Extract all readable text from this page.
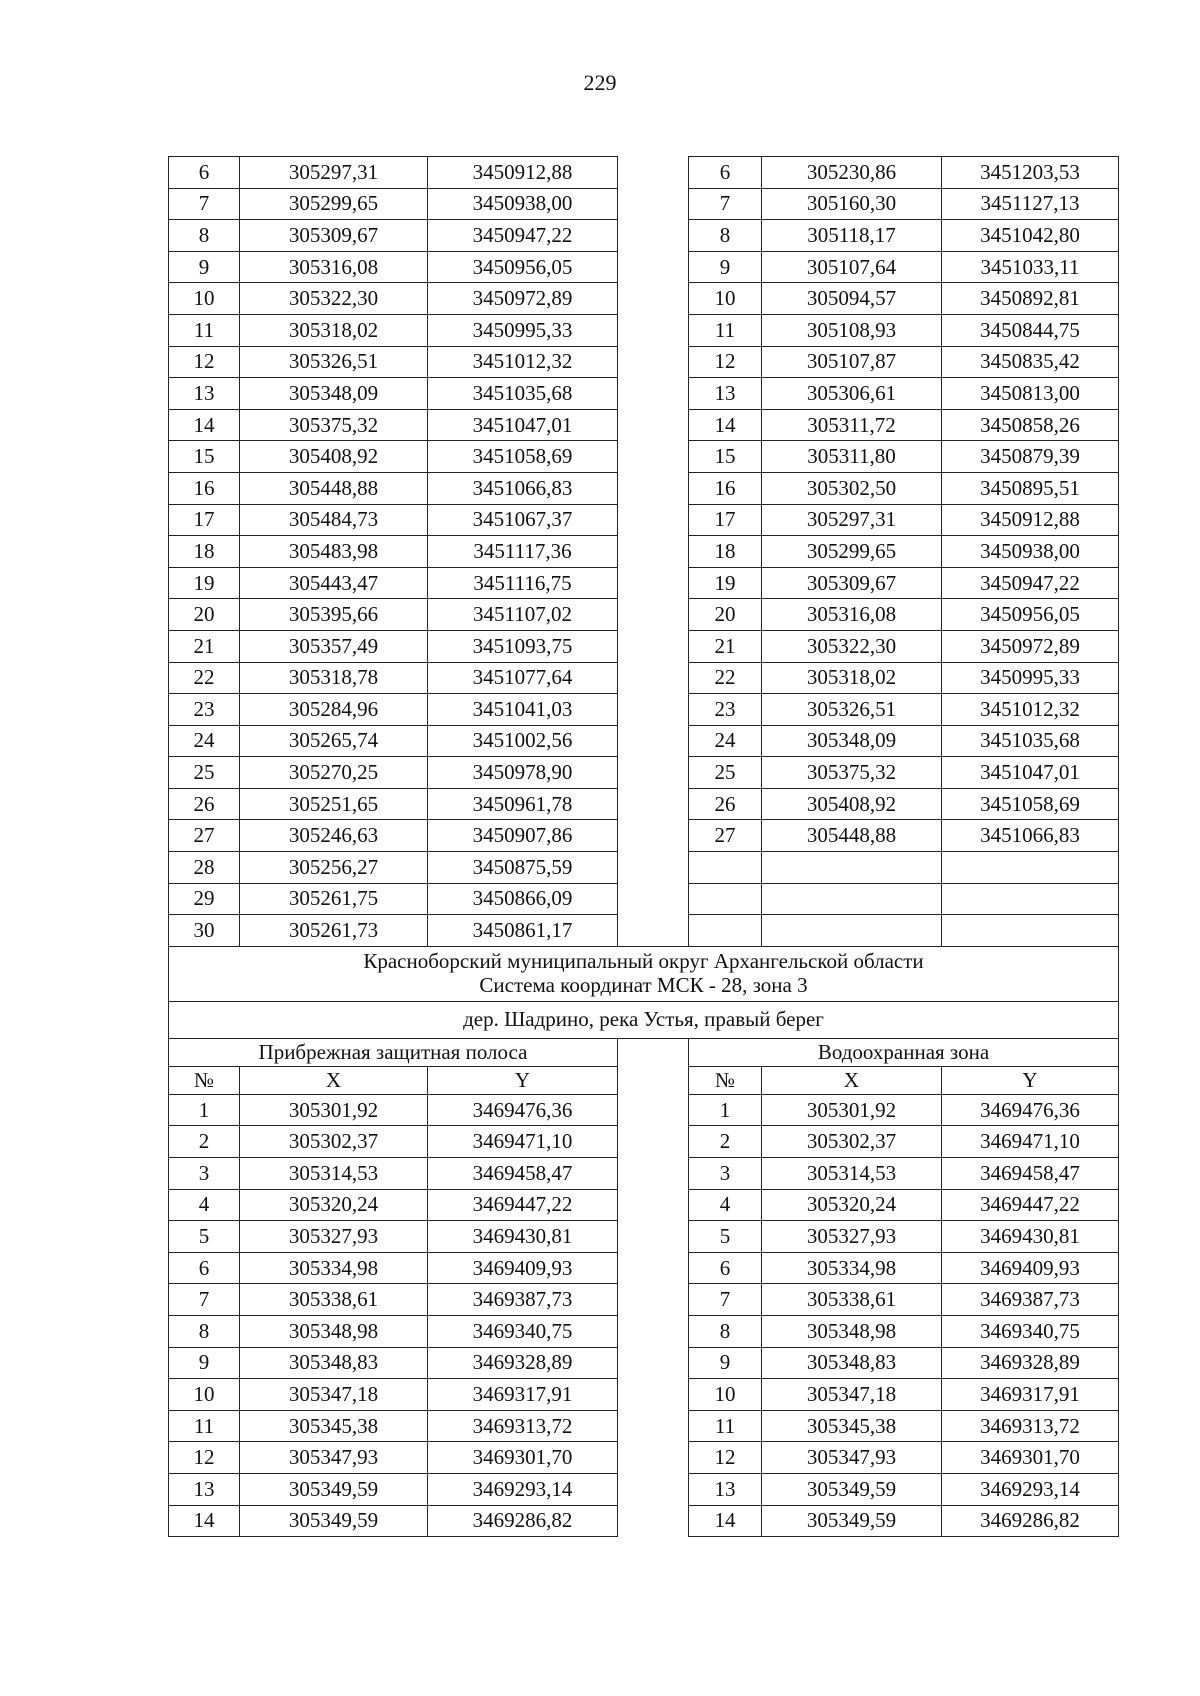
229
6	305297,31	3450912,88		6	305230,86	3451203,53
7	305299,65	3450938,00		7	305160,30	3451127,13
8	305309,67	3450947,22		8	305118,17	3451042,80
9	305316,08	3450956,05		9	305107,64	3451033,11
10	305322,30	3450972,89		10	305094,57	3450892,81
11	305318,02	3450995,33		11	305108,93	3450844,75
12	305326,51	3451012,32		12	305107,87	3450835,42
13	305348,09	3451035,68		13	305306,61	3450813,00
14	305375,32	3451047,01		14	305311,72	3450858,26
15	305408,92	3451058,69		15	305311,80	3450879,39
16	305448,88	3451066,83		16	305302,50	3450895,51
17	305484,73	3451067,37		17	305297,31	3450912,88
18	305483,98	3451117,36		18	305299,65	3450938,00
19	305443,47	3451116,75		19	305309,67	3450947,22
20	305395,66	3451107,02		20	305316,08	3450956,05
21	305357,49	3451093,75		21	305322,30	3450972,89
22	305318,78	3451077,64		22	305318,02	3450995,33
23	305284,96	3451041,03		23	305326,51	3451012,32
24	305265,74	3451002,56		24	305348,09	3451035,68
25	305270,25	3450978,90		25	305375,32	3451047,01
26	305251,65	3450961,78		26	305408,92	3451058,69
27	305246,63	3450907,86		27	305448,88	3451066,83
28	305256,27	3450875,59				
29	305261,75	3450866,09				
30	305261,73	3450861,17				

Красноборский муниципальный округ Архангельской области
Система координат МСК - 28, зона 3						

дер. Шадрино, река Устья, правый берег						
Прибрежная защитная полоса				Водоохранная зона		
№	X	Y		№	X	Y
1	305301,92	3469476,36		1	305301,92	3469476,36
2	305302,37	3469471,10		2	305302,37	3469471,10
3	305314,53	3469458,47		3	305314,53	3469458,47
4	305320,24	3469447,22		4	305320,24	3469447,22
5	305327,93	3469430,81		5	305327,93	3469430,81
6	305334,98	3469409,93		6	305334,98	3469409,93
7	305338,61	3469387,73		7	305338,61	3469387,73
8	305348,98	3469340,75		8	305348,98	3469340,75
9	305348,83	3469328,89		9	305348,83	3469328,89
10	305347,18	3469317,91		10	305347,18	3469317,91
11	305345,38	3469313,72		11	305345,38	3469313,72
12	305347,93	3469301,70		12	305347,93	3469301,70
13	305349,59	3469293,14		13	305349,59	3469293,14
14	305349,59	3469286,82		14	305349,59	3469286,82
